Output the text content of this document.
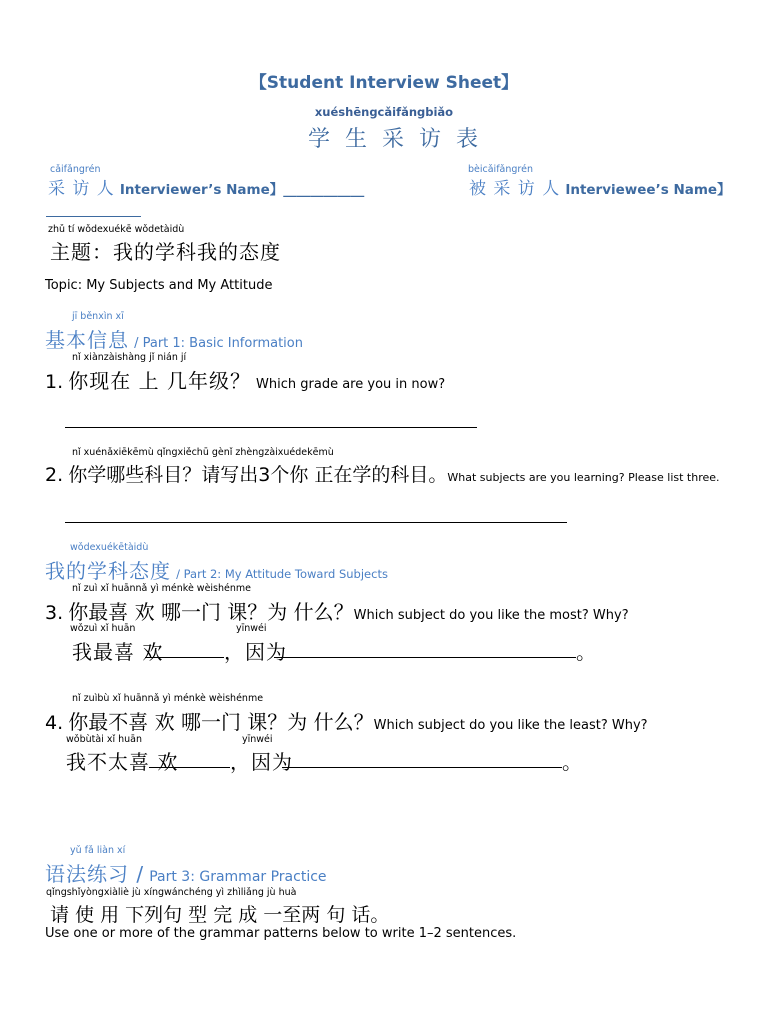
【Student Interview Sheet】
xuéshēngcǎifǎngbiǎo
学 生 采 访 表
cǎifǎngrén
采 访 人 Interviewer’s Name】____________
bèicǎifǎngrén
被 采 访 人 Interviewee’s Name】
zhǔ tí wǒdexuékē wǒdetàidù
主题：我的学科我的态度
Topic: My Subjects and My Attitude
jī běnxìn xī
基本信息 / Part 1: Basic Information
nǐ xiànzàishàng jǐ nián jí
1. 你现在 上 几年级？ Which grade are you in now?
nǐ xuénǎxiēkēmù qǐngxiěchū gènǐ zhèngzàixuédekēmù
2. 你学哪些科目？请写出3个你 正在学的科目。What subjects are you learning? Please list three.
wǒdexuékētàidù
我的学科态度 / Part 2: My Attitude Toward Subjects
nǐ zuì xǐ huānnǎ yì ménkè wèishénme
3. 你最喜 欢 哪一门 课？为 什么？Which subject do you like the most? Why?
wǒzuì xǐ huān	yīnwéi
我最喜 欢	，因为	。
nǐ zuìbù xǐ huānnǎ yì ménkè wèishénme
4. 你最不喜 欢 哪一门 课？为 什么？Which subject do you like the least? Why?
wǒbùtài xǐ huān	yīnwéi
我不太喜 欢	，因为	。
yǔ fǎ liàn xí
语法练习 / Part 3: Grammar Practice
qǐngshǐyòngxiàliè jù xíngwánchéng yì zhìliǎng jù huà
请 使 用 下列句 型 完 成 一至两 句 话。
Use one or more of the grammar patterns below to write 1–2 sentences.
